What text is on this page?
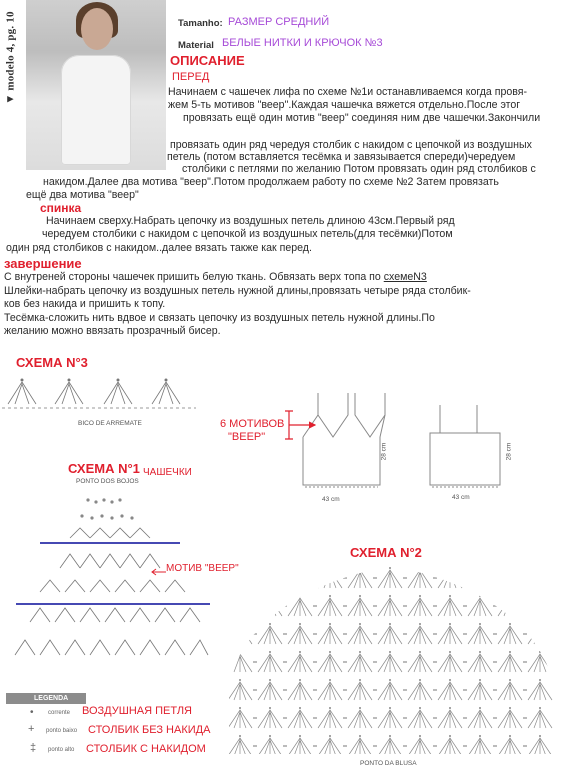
▼ modelo 4, pg. 10	Tamanho: РАЗМЕР СРЕДНИЙ
Material БЕЛЫЕ НИТКИ И КРЮЧОК №3
ОПИСАНИЕ
ПЕРЕД
Начинаем с чашечек лифа по схеме №1и останавливаемся когда провя-
жем 5-ть мотивов "веер".Каждая чашечка вяжется отдельно.После этог
провязать ещё один мотив "веер" соединяя ним две чашечки.Закончили
провязать один ряд чередуя столбик с накидом с цепочкой из воздушных
петель (потом вставляется тесёмка и завязывается спереди)чередуем
столбики с петлями по желанию Потом провязать один ряд столбиков с
накидом.Далее два мотива "веер".Потом продолжаем работу по схеме №2 Затем провязать
ещё два мотива "веер"
спинка
Начинаем сверху.Набрать цепочку из воздушных петель длиною 43см.Первый ряд
чередуем столбики с накидом с цепочкой из воздушных петель(для тесёмки)Потом
один ряд столбиков с накидом..далее вязать также как перед.
завершение
С внутреней стороны чашечек пришить белую ткань. Обвязать верх топа по схемеN3
Шлейки-набрать цепочку из воздушных петель нужной длины,провязать четыре ряда столбик-
ков без накида и пришить к топу.
Тесёмка-сложить нить вдвое и связать цепочку из воздушных петель нужной длины.По
желанию можно ввязать прозрачный бисер.
СХЕМА N°3
BICO DE ARREMATE	6 МОТИВОВ
"ВЕЕР"
43 cm	43 cm
28 cm	28 cm
СХЕМА N°1 ЧАШЕЧКИ
PONTO DOS BOJOS
МОТИВ "ВЕЕР"
СХЕМА N°2
PONTO DA BLUSA
LEGENDA
• corrente ВОЗДУШНАЯ ПЕТЛЯ
+ ponto baixo СТОЛБИК БЕЗ НАКИДА
‡ ponto alto СТОЛБИК С НАКИДОМ
